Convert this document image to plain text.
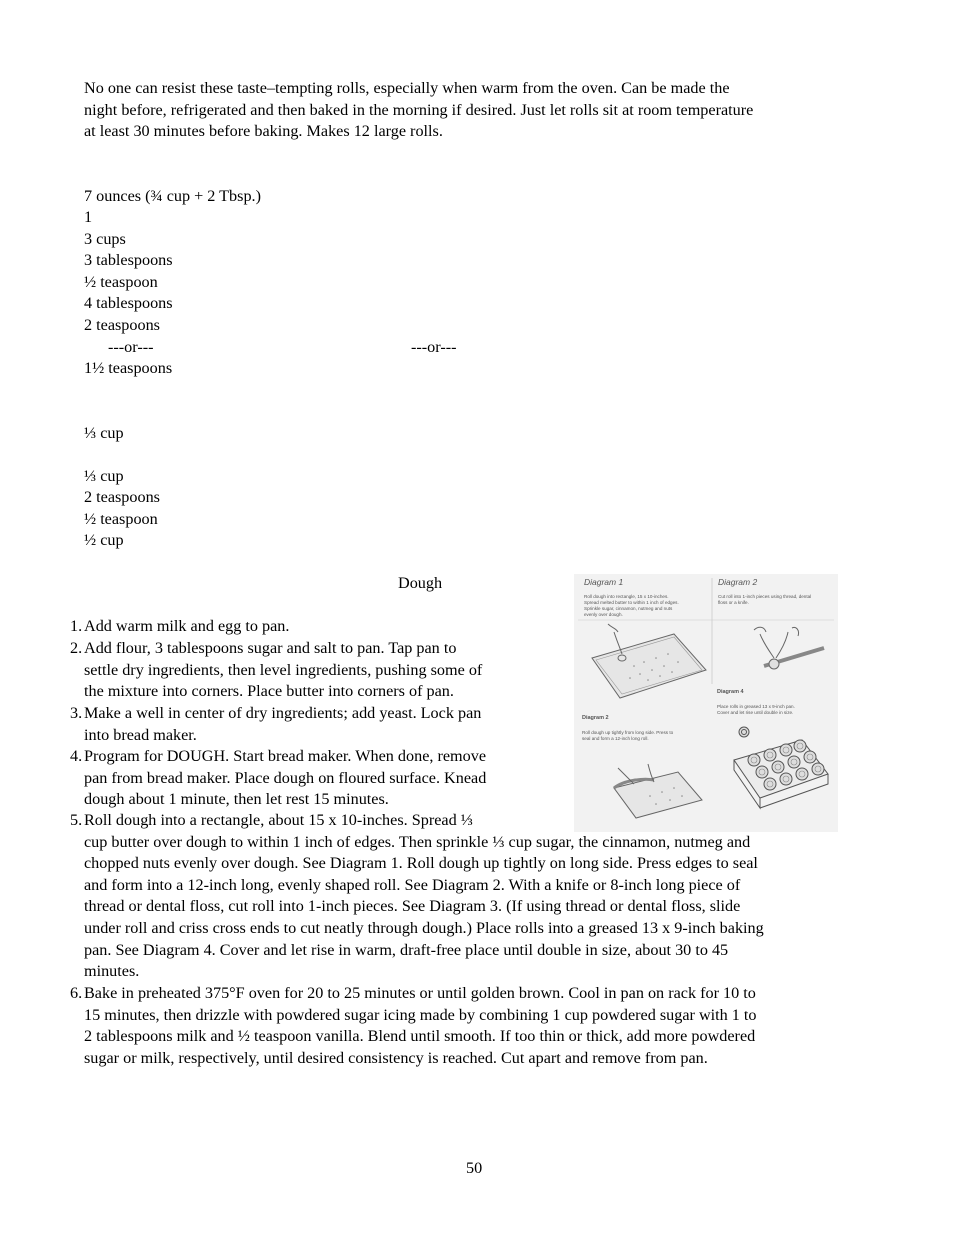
No one can resist these taste–tempting rolls, especially when warm from the oven. Can be made the
night before, refrigerated and then baked in the morning if desired. Just let rolls sit at room temperature
at least 30 minutes before baking. Makes 12 large rolls.
7 ounces (¾ cup + 2 Tbsp.)
1
3 cups
3 tablespoons
½ teaspoon
4 tablespoons
2 teaspoons
---or---	---or---
1½ teaspoons
⅓ cup
⅓ cup
2 teaspoons
½ teaspoon
½ cup
Dough	Diagram 1
Roll dough into rectangle, 15 x 10-inches.
Spread melted butter to within 1 inch of edges.
Sprinkle sugar, cinnamon, nutmeg and nuts
evenly over dough.
Diagram 2
Cut roll into 1-inch pieces using thread, dental
floss or a knife.
Diagram 2
Roll dough up tightly from long side. Press to
seal and form a 12-inch long roll.
Diagram 4
Place rolls in greased 13 x 9-inch pan.
Cover and let rise until double in size.
1. Add warm milk and egg to pan.
2. Add flour, 3 tablespoons sugar and salt to pan. Tap pan to
settle dry ingredients, then level ingredients, pushing some of
the mixture into corners. Place butter into corners of pan.
3. Make a well in center of dry ingredients; add yeast. Lock pan
into bread maker.
4. Program for DOUGH. Start bread maker. When done, remove
pan from bread maker. Place dough on floured surface. Knead
dough about 1 minute, then let rest 15 minutes.
5. Roll dough into a rectangle, about 15 x 10-inches. Spread ⅓
cup butter over dough to within 1 inch of edges. Then sprinkle ⅓ cup sugar, the cinnamon, nutmeg and
chopped nuts evenly over dough. See Diagram 1. Roll dough up tightly on long side. Press edges to seal
and form into a 12-inch long, evenly shaped roll. See Diagram 2. With a knife or 8-inch long piece of
thread or dental floss, cut roll into 1-inch pieces. See Diagram 3. (If using thread or dental floss, slide
under roll and criss cross ends to cut neatly through dough.) Place rolls into a greased 13 x 9-inch baking
pan. See Diagram 4. Cover and let rise in warm, draft-free place until double in size, about 30 to 45
minutes.
6. Bake in preheated 375°F oven for 20 to 25 minutes or until golden brown. Cool in pan on rack for 10 to
15 minutes, then drizzle with powdered sugar icing made by combining 1 cup powdered sugar with 1 to
2 tablespoons milk and ½ teaspoon vanilla. Blend until smooth. If too thin or thick, add more powdered
sugar or milk, respectively, until desired consistency is reached. Cut apart and remove from pan.
50
